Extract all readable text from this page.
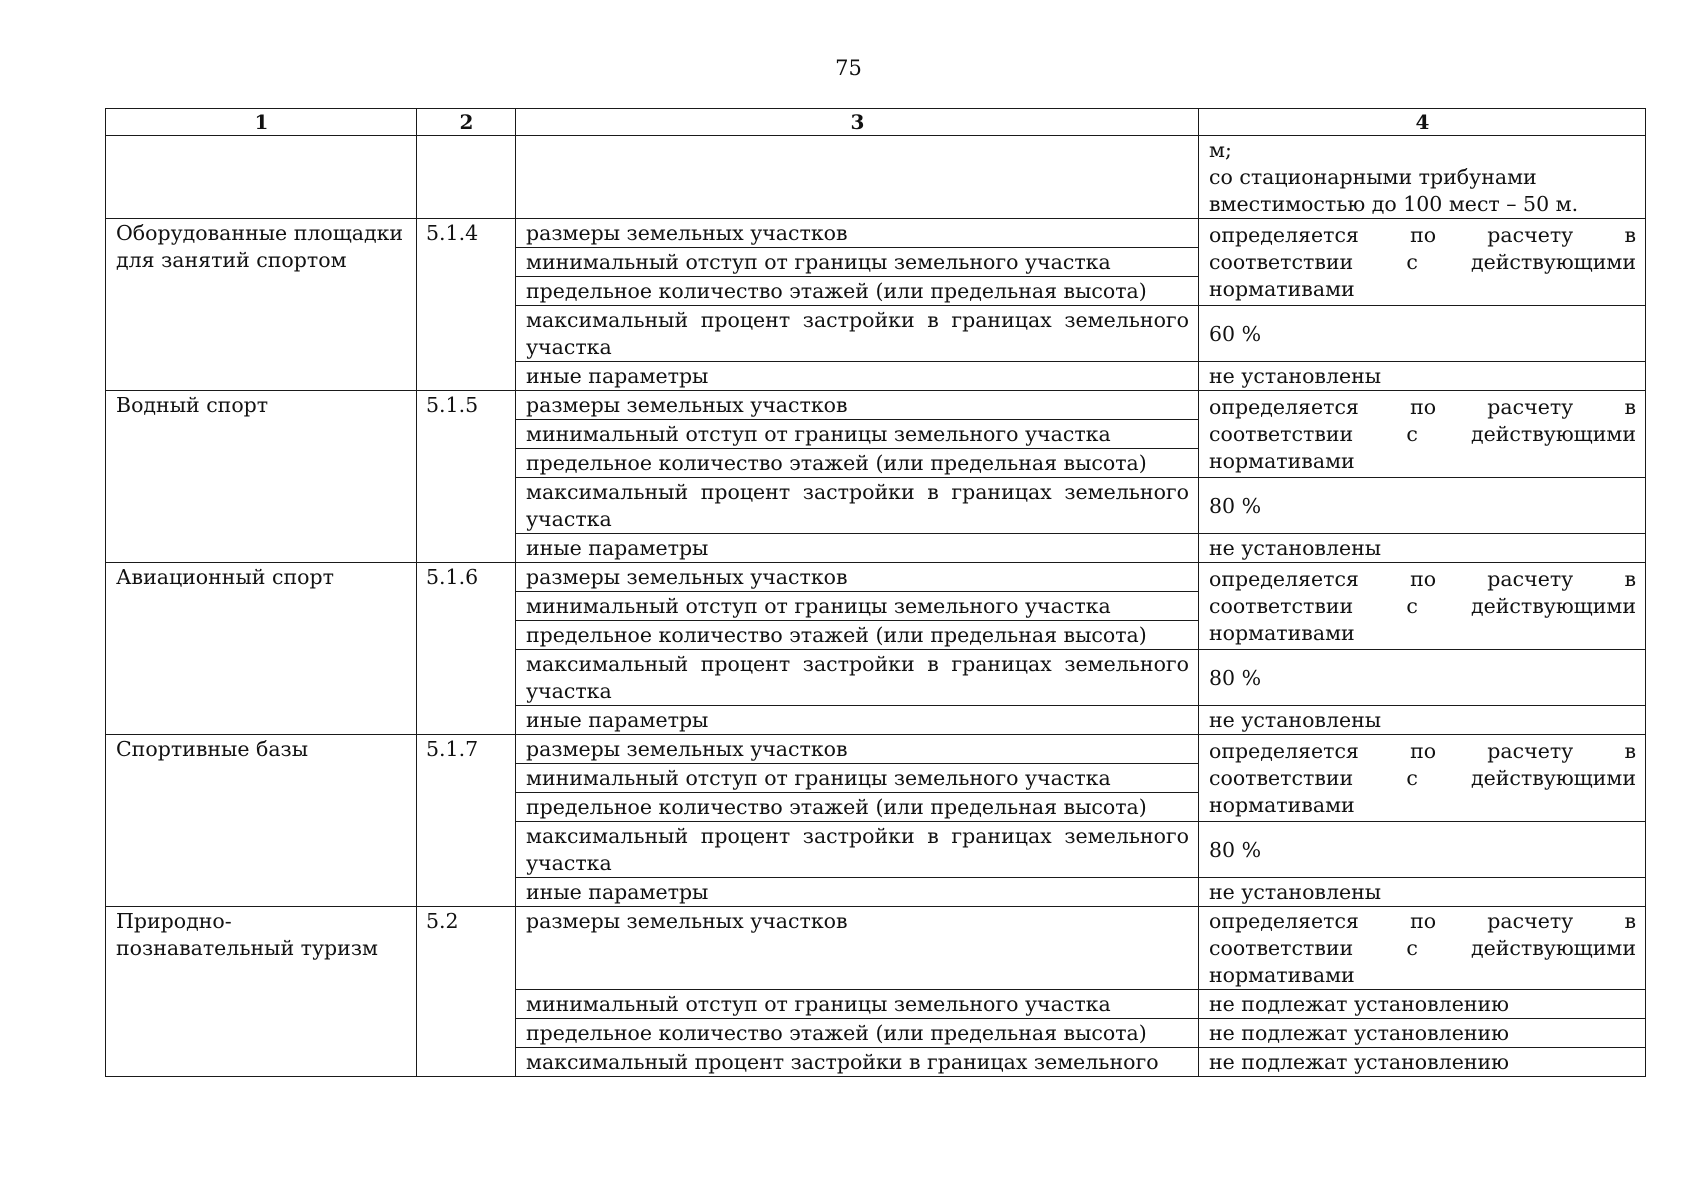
75
1	2	3	4

			м;
со стационарными трибунами
вместимостью до 100 мест – 50 м.

Оборудованные площадки для занятий спортом	5.1.4	размеры земельных участков	определяется по расчету в соответствии с действующими нормативами
		минимальный отступ от границы земельного участка	
		предельное количество этажей (или предельная высота)	
		максимальный процент застройки в границах земельного участка	60 %
		иные параметры	не установлены
Водный спорт	5.1.5	размеры земельных участков	определяется по расчету в соответствии с действующими нормативами
		минимальный отступ от границы земельного участка	
		предельное количество этажей (или предельная высота)	
		максимальный процент застройки в границах земельного участка	80 %
		иные параметры	не установлены
Авиационный спорт	5.1.6	размеры земельных участков	определяется по расчету в соответствии с действующими нормативами
		минимальный отступ от границы земельного участка	
		предельное количество этажей (или предельная высота)	
		максимальный процент застройки в границах земельного участка	80 %
		иные параметры	не установлены
Спортивные базы	5.1.7	размеры земельных участков	определяется по расчету в соответствии с действующими нормативами
		минимальный отступ от границы земельного участка	
		предельное количество этажей (или предельная высота)	
		максимальный процент застройки в границах земельного участка	80 %
		иные параметры	не установлены
Природно-познавательный туризм	5.2	размеры земельных участков	определяется по расчету в соответствии с действующими нормативами
		минимальный отступ от границы земельного участка	не подлежат установлению
		предельное количество этажей (или предельная высота)	не подлежат установлению
		максимальный процент застройки в границах земельного	не подлежат установлению
